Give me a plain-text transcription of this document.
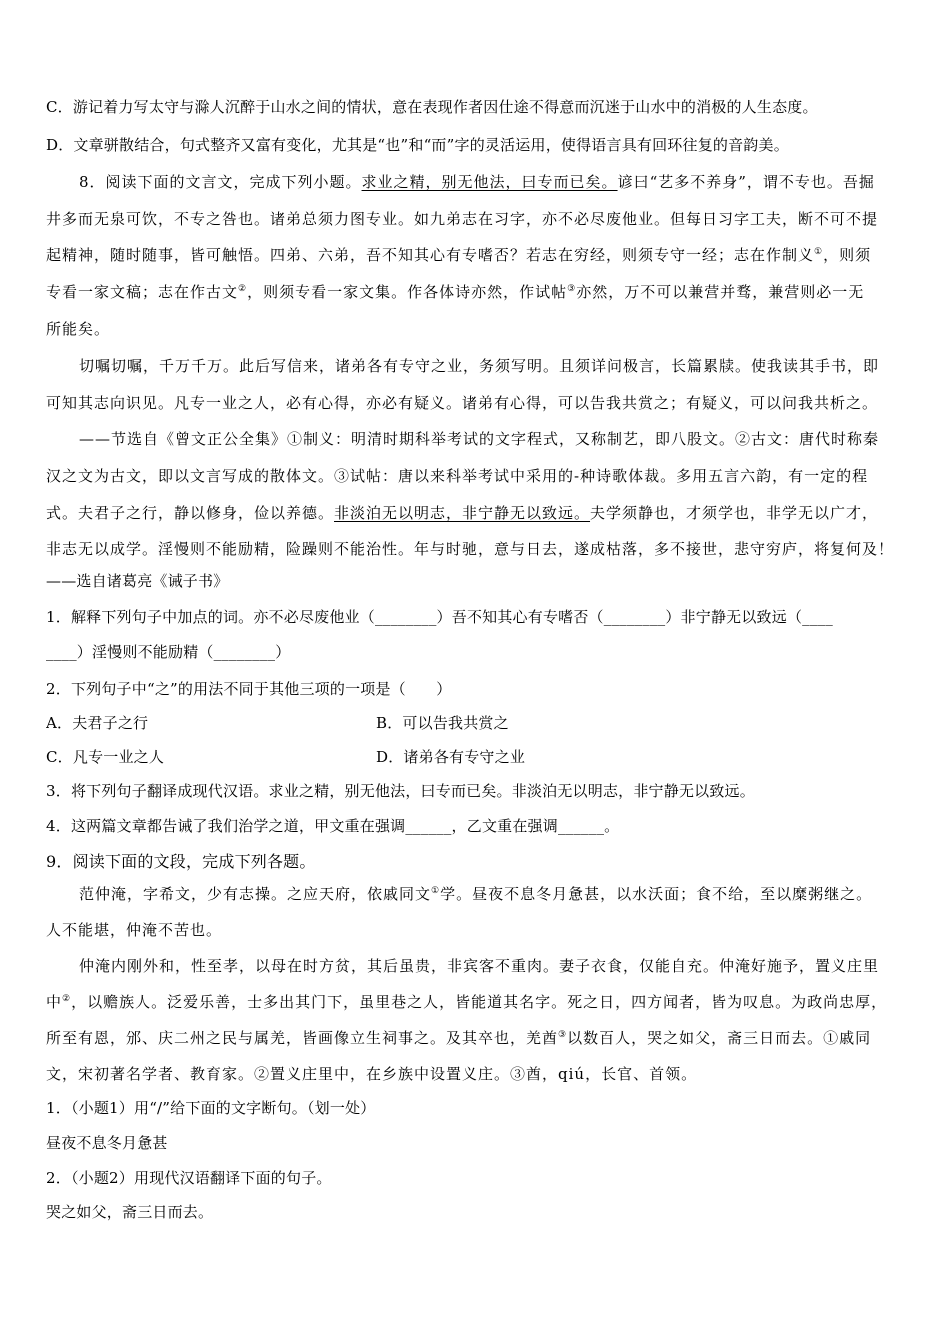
C．游记着力写太守与滁人沉醉于山水之间的情状，意在表现作者因仕途不得意而沉迷于山水中的消极的人生态度。
D．文章骈散结合，句式整齐又富有变化，尤其是“也”和“而”字的灵活运用，使得语言具有回环往复的音韵美。
8．阅读下面的文言文，完成下列小题。求业之精，别无他法，曰专而已矣。谚曰“艺多不养身”，谓不专也。吾掘
井多而无泉可饮，不专之咎也。诸弟总须力图专业。如九弟志在习字，亦不必尽废他业。但每日习字工夫，断不可不提
起精神，随时随事，皆可触悟。四弟、六弟，吾不知其心有专嗜否？若志在穷经，则须专守一经；志在作制义①，则须
专看一家文稿；志在作古文②，则须专看一家文集。作各体诗亦然，作试帖③亦然，万不可以兼营并骛，兼营则必一无
所能矣。
切嘱切嘱，千万千万。此后写信来，诸弟各有专守之业，务须写明。且须详问极言，长篇累牍。使我读其手书，即
可知其志向识见。凡专一业之人，必有心得，亦必有疑义。诸弟有心得，可以告我共赏之；有疑义，可以问我共析之。
——节选自《曾文正公全集》①制义：明清时期科举考试的文字程式，又称制艺，即八股文。②古文：唐代时称秦
汉之文为古文，即以文言写成的散体文。③试帖：唐以来科举考试中采用的-种诗歌体裁。多用五言六韵，有一定的程
式。夫君子之行，静以修身，俭以养德。非淡泊无以明志，非宁静无以致远。夫学须静也，才须学也，非学无以广才，
非志无以成学。淫慢则不能励精，险躁则不能治性。年与时驰，意与日去，遂成枯落，多不接世，悲守穷庐，将复何及！
——选自诸葛亮《诫子书》
1．解释下列句子中加点的词。亦不必尽废他业（________）吾不知其心有专嗜否（________）非宁静无以致远（____
____）淫慢则不能励精（________）
2．下列句子中“之”的用法不同于其他三项的一项是（　　）
A．夫君子之行	B．可以告我共赏之
C．凡专一业之人	D．诸弟各有专守之业
3．将下列句子翻译成现代汉语。求业之精，别无他法，曰专而已矣。非淡泊无以明志，非宁静无以致远。
4．这两篇文章都告诫了我们治学之道，甲文重在强调______，乙文重在强调______。
9．阅读下面的文段，完成下列各题。
范仲淹，字希文，少有志操。之应天府，依戚同文①学。昼夜不息冬月惫甚，以水沃面；食不给，至以糜粥继之。
人不能堪，仲淹不苦也。
仲淹内刚外和，性至孝，以母在时方贫，其后虽贵，非宾客不重肉。妻子衣食，仅能自充。仲淹好施予，置义庄里
中②，以赡族人。泛爱乐善，士多出其门下，虽里巷之人，皆能道其名字。死之日，四方闻者，皆为叹息。为政尚忠厚，
所至有恩，邠、庆二州之民与属羌，皆画像立生祠事之。及其卒也，羌酋③以数百人，哭之如父，斋三日而去。①戚同
文，宋初著名学者、教育家。②置义庄里中，在乡族中设置义庄。③酋，qiú，长官、首领。
1．（小题1）用“/”给下面的文字断句。（划一处）
昼夜不息冬月惫甚
2．（小题2）用现代汉语翻译下面的句子。
哭之如父，斋三日而去。
